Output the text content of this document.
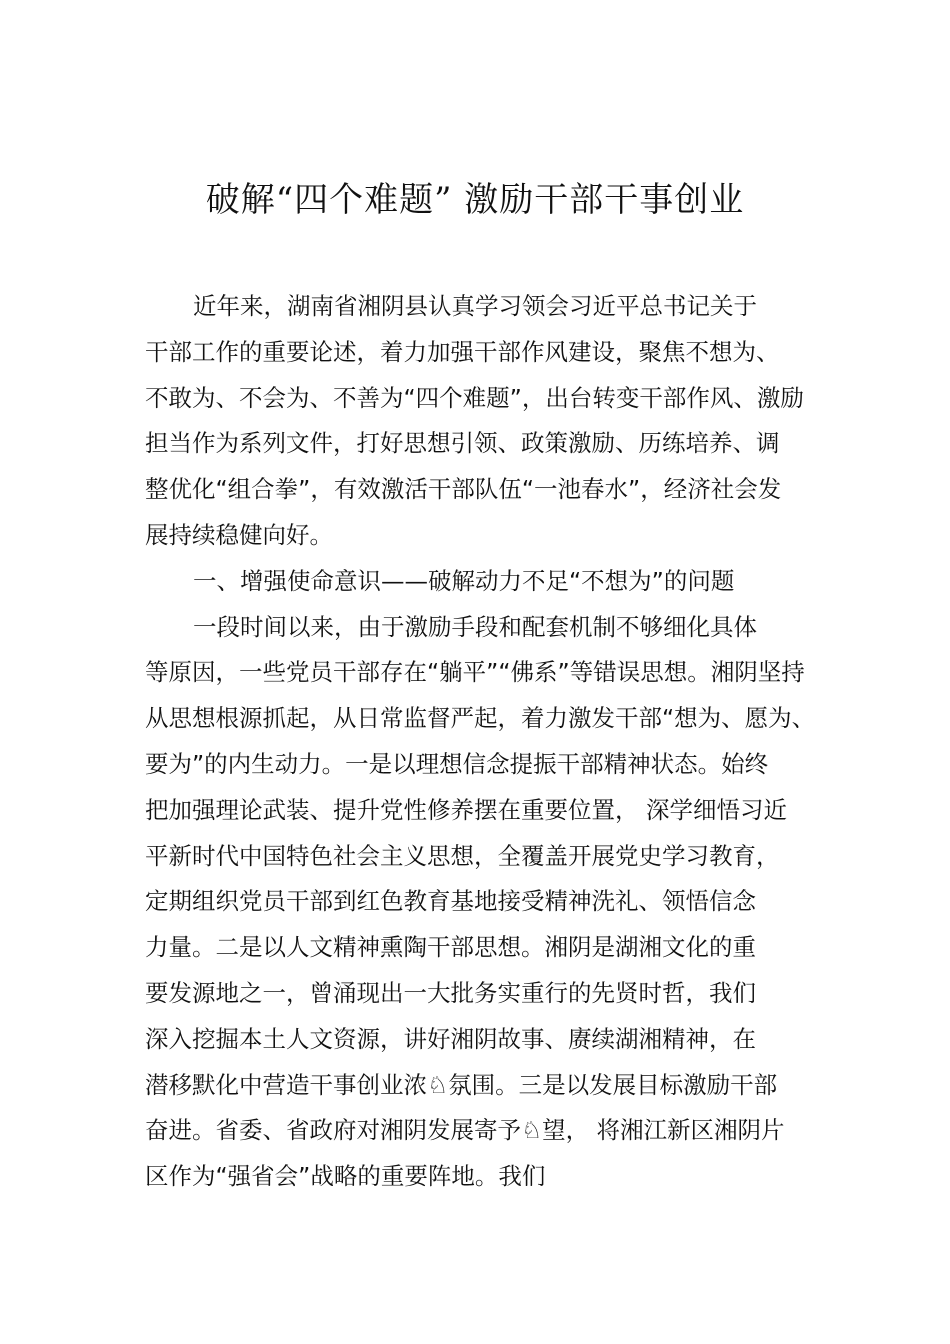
破解“四个难题” 激励干部干事创业
近年来，湖南省湘阴县认真学习领会习近平总书记关于
干部工作的重要论述，着力加强干部作风建设，聚焦不想为、
不敢为、不会为、不善为“四个难题”，出台转变干部作风、激励
担当作为系列文件，打好思想引领、政策激励、历练培养、调
整优化“组合拳”，有效激活干部队伍“一池春水”，经济社会发
展持续稳健向好。
一、增强使命意识——破解动力不足“不想为”的问题
一段时间以来，由于激励手段和配套机制不够细化具体
等原因，一些党员干部存在“躺平”“佛系”等错误思想。湘阴坚持
从思想根源抓起，从日常监督严起，着力激发干部“想为、愿为、
要为”的内生动力。一是以理想信念提振干部精神状态。始终
把加强理论武装、提升党性修养摆在重要位置， 深学细悟习近
平新时代中国特色社会主义思想，全覆盖开展党史学习教育，
定期组织党员干部到红色教育基地接受精神洗礼、领悟信念
力量。二是以人文精神熏陶干部思想。湘阴是湖湘文化的重
要发源地之一，曾涌现出一大批务实重行的先贤时哲，我们
深入挖掘本土人文资源，讲好湘阴故事、赓续湖湘精神，在
潜移默化中营造干事创业浓♘氛围。三是以发展目标激励干部
奋进。省委、省政府对湘阴发展寄予♘望， 将湘江新区湘阴片
区作为“强省会”战略的重要阵地。我们
